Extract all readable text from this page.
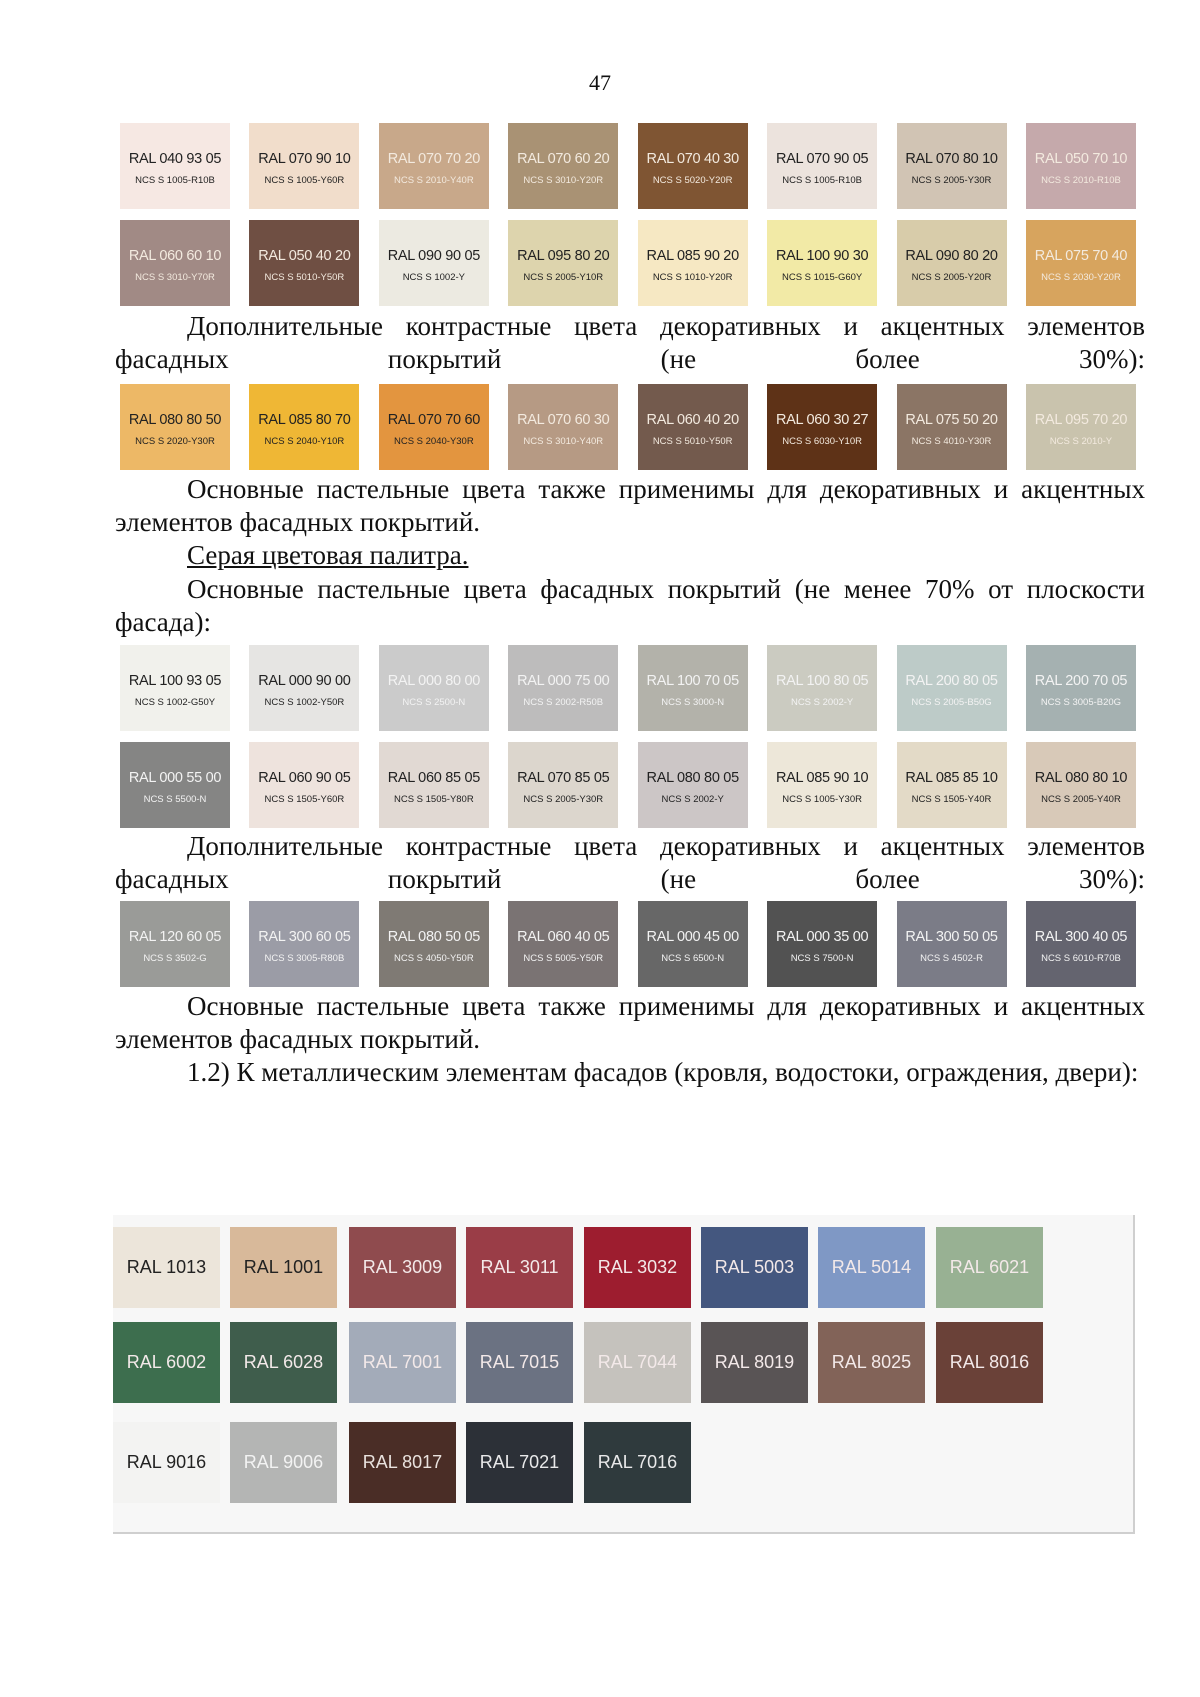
47
RAL 040 93 05
NCS S 1005-R10B
RAL 070 90 10
NCS S 1005-Y60R
RAL 070 70 20
NCS S 2010-Y40R
RAL 070 60 20
NCS S 3010-Y20R
RAL 070 40 30
NCS S 5020-Y20R
RAL 070 90 05
NCS S 1005-R10B
RAL 070 80 10
NCS S 2005-Y30R
RAL 050 70 10
NCS S 2010-R10B
RAL 060 60 10
NCS S 3010-Y70R
RAL 050 40 20
NCS S 5010-Y50R
RAL 090 90 05
NCS S 1002-Y
RAL 095 80 20
NCS S 2005-Y10R
RAL 085 90 20
NCS S 1010-Y20R
RAL 100 90 30
NCS S 1015-G60Y
RAL 090 80 20
NCS S 2005-Y20R
RAL 075 70 40
NCS S 2030-Y20R

Дополнительные контрастные цвета декоративных и акцентных элементов фасадных покрытий (не более 30%):

RAL 080 80 50
NCS S 2020-Y30R
RAL 085 80 70
NCS S 2040-Y10R
RAL 070 70 60
NCS S 2040-Y30R
RAL 070 60 30
NCS S 3010-Y40R
RAL 060 40 20
NCS S 5010-Y50R
RAL 060 30 27
NCS S 6030-Y10R
RAL 075 50 20
NCS S 4010-Y30R
RAL 095 70 20
NCS S 2010-Y

Основные пастельные цвета также применимы для декоративных и акцентных элементов фасадных покрытий.

Серая цветовая палитра.

Основные пастельные цвета фасадных покрытий (не менее 70% от плоскости фасада):

RAL 100 93 05
NCS S 1002-G50Y
RAL 000 90 00
NCS S 1002-Y50R
RAL 000 80 00
NCS S 2500-N
RAL 000 75 00
NCS S 2002-R50B
RAL 100 70 05
NCS S 3000-N
RAL 100 80 05
NCS S 2002-Y
RAL 200 80 05
NCS S 2005-B50G
RAL 200 70 05
NCS S 3005-B20G
RAL 000 55 00
NCS S 5500-N
RAL 060 90 05
NCS S 1505-Y60R
RAL 060 85 05
NCS S 1505-Y80R
RAL 070 85 05
NCS S 2005-Y30R
RAL 080 80 05
NCS S 2002-Y
RAL 085 90 10
NCS S 1005-Y30R
RAL 085 85 10
NCS S 1505-Y40R
RAL 080 80 10
NCS S 2005-Y40R

Дополнительные контрастные цвета декоративных и акцентных элементов фасадных покрытий (не более 30%):

RAL 120 60 05
NCS S 3502-G
RAL 300 60 05
NCS S 3005-R80B
RAL 080 50 05
NCS S 4050-Y50R
RAL 060 40 05
NCS S 5005-Y50R
RAL 000 45 00
NCS S 6500-N
RAL 000 35 00
NCS S 7500-N
RAL 300 50 05
NCS S 4502-R
RAL 300 40 05
NCS S 6010-R70B

Основные пастельные цвета также применимы для декоративных и акцентных элементов фасадных покрытий.

1.2) К металлическим элементам фасадов (кровля, водостоки, ограждения, двери):

RAL 1013	RAL 1001	RAL 3009	RAL 3011	RAL 3032	RAL 5003	RAL 5014	RAL 6021
RAL 6002	RAL 6028	RAL 7001	RAL 7015	RAL 7044	RAL 8019	RAL 8025	RAL 8016
RAL 9016	RAL 9006	RAL 8017	RAL 7021	RAL 7016
